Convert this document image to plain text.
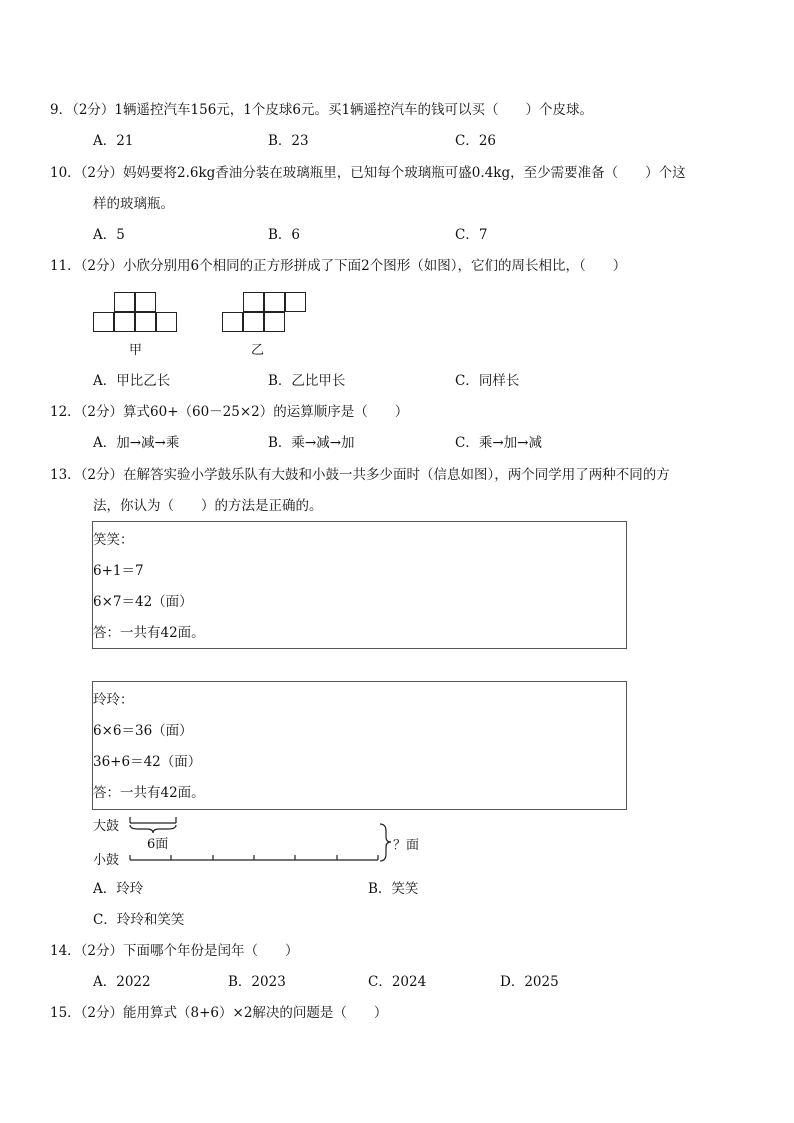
9．（2分）1辆遥控汽车156元，1个皮球6元。买1辆遥控汽车的钱可以买（　　）个皮球。
A．21	B．23	C．26
10．（2分）妈妈要将2.6kg香油分装在玻璃瓶里，已知每个玻璃瓶可盛0.4kg，至少需要准备（　　）个这
样的玻璃瓶。
A．5	B．6	C．7
11．（2分）小欣分别用6个相同的正方形拼成了下面2个图形（如图），它们的周长相比，（　　）
甲	乙
A．甲比乙长	B．乙比甲长	C．同样长
12．（2分）算式60+（60－25×2）的运算顺序是（　　）
A．加→减→乘	B．乘→减→加	C．乘→加→减
13．（2分）在解答实验小学鼓乐队有大鼓和小鼓一共多少面时（信息如图），两个同学用了两种不同的方
法，你认为（　　）的方法是正确的。
笑笑：
6+1＝7
6×7＝42（面）
答：一共有42面。
玲玲：
6×6＝36（面）
36+6＝42（面）
答：一共有42面。
大鼓
小鼓
6面	？面
A．玲玲	B．笑笑
C．玲玲和笑笑
14．（2分）下面哪个年份是闰年（　　）
A．2022	B．2023	C．2024	D．2025
15．（2分）能用算式（8+6）×2解决的问题是（　　）
